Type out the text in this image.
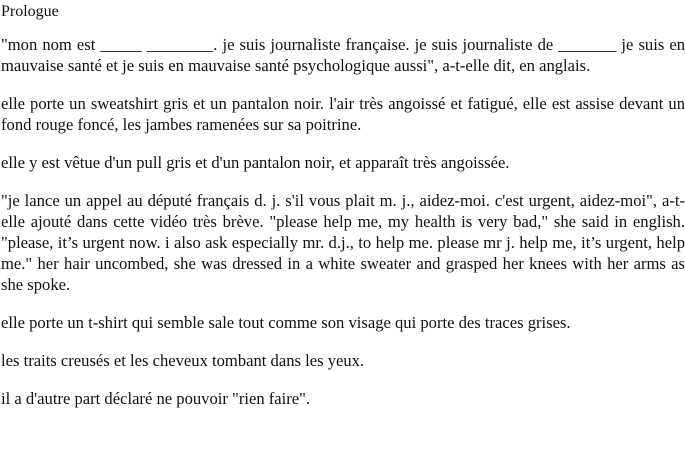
Prologue

"mon nom est _____ ________. je suis journaliste française. je suis journaliste de _______ je suis en mauvaise santé et je suis en mauvaise santé psychologique aussi", a-t-elle dit, en anglais.

elle porte un sweatshirt gris et un pantalon noir. l'air très angoissé et fatigué, elle est assise devant un fond rouge foncé, les jambes ramenées sur sa poitrine.

elle y est vêtue d'un pull gris et d'un pantalon noir, et apparaît très angoissée.

"je lance un appel au député français d. j. s'il vous plait m. j., aidez-moi. c'est urgent, aidez-moi", a-t-elle ajouté dans cette vidéo très brève. "please help me, my health is very bad," she said in english. "please, it’s urgent now. i also ask especially mr. d.j., to help me. please mr j. help me, it’s urgent, help me." her hair uncombed, she was dressed in a white sweater and grasped her knees with her arms as she spoke.

elle porte un t-shirt qui semble sale tout comme son visage qui porte des traces grises.

les traits creusés et les cheveux tombant dans les yeux.

il a d'autre part déclaré ne pouvoir "rien faire".
